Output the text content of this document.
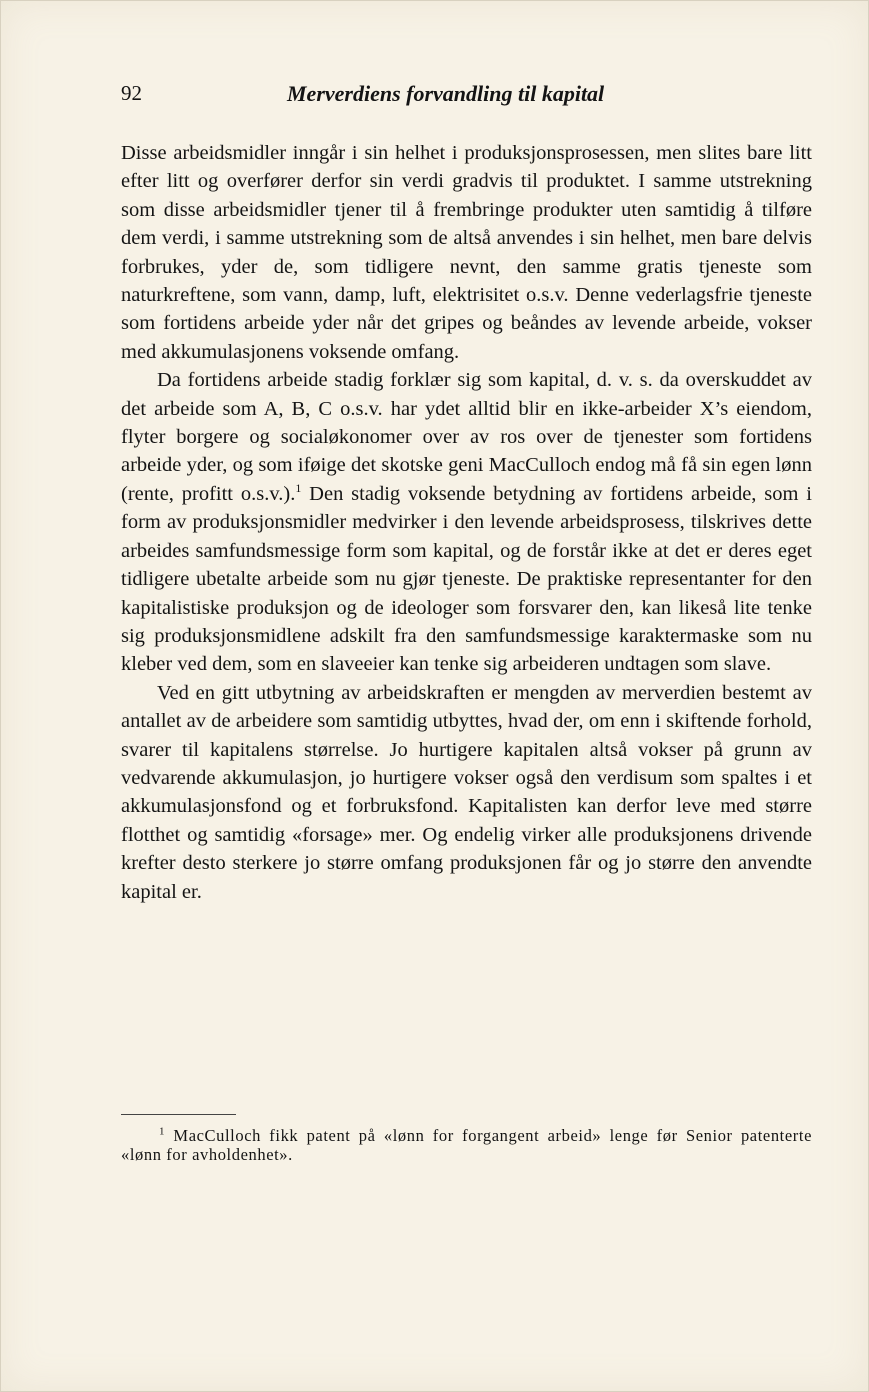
92	Merverdiens forvandling til kapital

Disse arbeidsmidler inngår i sin helhet i produksjonsprosessen, men slites bare litt efter litt og overfører derfor sin verdi gradvis til produktet. I samme utstrekning som disse arbeidsmidler tjener til å frembringe produkter uten samtidig å tilføre dem verdi, i samme utstrekning som de altså anvendes i sin helhet, men bare delvis forbrukes, yder de, som tidligere nevnt, den samme gratis tjeneste som naturkreftene, som vann, damp, luft, elektrisitet o.s.v. Denne vederlagsfrie tjeneste som fortidens arbeide yder når det gripes og beåndes av levende arbeide, vokser med akkumulasjonens voksende omfang.

Da fortidens arbeide stadig forklær sig som kapital, d. v. s. da overskuddet av det arbeide som A, B, C o.s.v. har ydet alltid blir en ikke-arbeider X’s eiendom, flyter borgere og socialøkonomer over av ros over de tjenester som fortidens arbeide yder, og som iføige det skotske geni MacCulloch endog må få sin egen lønn (rente, profitt o.s.v.).$^1$ Den stadig voksende betydning av fortidens arbeide, som i form av produksjonsmidler medvirker i den levende arbeidsprosess, tilskrives dette arbeides samfundsmessige form som kapital, og de forstår ikke at det er deres eget tidligere ubetalte arbeide som nu gjør tjeneste. De praktiske representanter for den kapitalistiske produksjon og de ideologer som forsvarer den, kan likeså lite tenke sig produksjonsmidlene adskilt fra den samfundsmessige karaktermaske som nu kleber ved dem, som en slaveeier kan tenke sig arbeideren undtagen som slave.

Ved en gitt utbytning av arbeidskraften er mengden av merverdien bestemt av antallet av de arbeidere som samtidig utbyttes, hvad der, om enn i skiftende forhold, svarer til kapitalens størrelse. Jo hurtigere kapitalen altså vokser på grunn av vedvarende akkumulasjon, jo hurtigere vokser også den verdisum som spaltes i et akkumulasjonsfond og et forbruksfond. Kapitalisten kan derfor leve med større flotthet og samtidig «forsage» mer. Og endelig virker alle produksjonens drivende krefter desto sterkere jo større omfang produksjonen får og jo større den anvendte kapital er.

$^1$ MacCulloch fikk patent på «lønn for forgangent arbeid» lenge før Senior patenterte «lønn for avholdenhet».
